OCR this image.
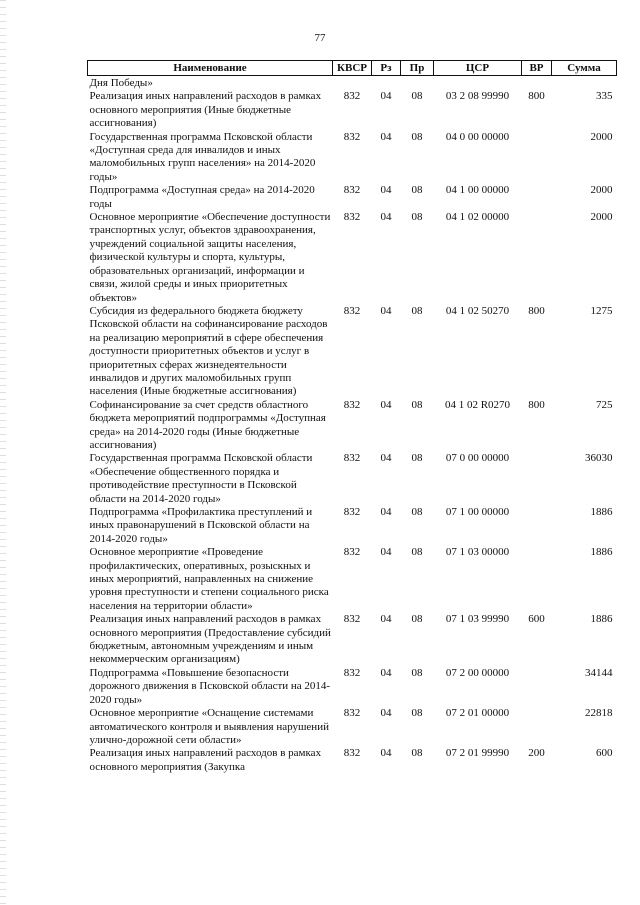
77
Наименование	КВСР	Рз	Пр	ЦСР	ВР	Сумма
Дня Победы»						
Реализация иных направлений расходов в рамках основного мероприятия (Иные бюджетные ассигнования)	832	04	08	03 2 08 99990	800	335
Государственная программа Псковской области «Доступная среда для инвалидов и иных маломобильных групп населения» на 2014-2020 годы»	832	04	08	04 0 00 00000		2000
Подпрограмма «Доступная среда» на 2014-2020 годы	832	04	08	04 1 00 00000		2000
Основное мероприятие «Обеспечение доступности транспортных услуг, объектов здравоохранения, учреждений социальной защиты населения, физической культуры и спорта, культуры, образовательных организаций, информации и связи, жилой среды и иных приоритетных объектов»	832	04	08	04 1 02 00000		2000
Субсидия из федерального бюджета бюджету Псковской области на софинансирование расходов на реализацию мероприятий в сфере обеспечения доступности приоритетных объектов и услуг в приоритетных сферах жизнедеятельности инвалидов и других маломобильных групп населения (Иные бюджетные ассигнования)	832	04	08	04 1 02 50270	800	1275
Софинансирование за счет средств областного бюджета мероприятий подпрограммы «Доступная среда» на 2014-2020 годы (Иные бюджетные ассигнования)	832	04	08	04 1 02 R0270	800	725
Государственная программа Псковской области «Обеспечение общественного порядка и противодействие преступности в Псковской области на 2014-2020 годы»	832	04	08	07 0 00 00000		36030
Подпрограмма «Профилактика преступлений и иных правонарушений в Псковской области на 2014-2020 годы»	832	04	08	07 1 00 00000		1886
Основное мероприятие «Проведение профилактических, оперативных, розыскных и иных мероприятий, направленных на снижение уровня преступности и степени социального риска населения на территории области»	832	04	08	07 1 03 00000		1886
Реализация иных направлений расходов в рамках основного мероприятия (Предоставление субсидий бюджетным, автономным учреждениям и иным некоммерческим организациям)	832	04	08	07 1 03 99990	600	1886
Подпрограмма «Повышение безопасности дорожного движения в Псковской области на 2014-2020 годы»	832	04	08	07 2 00 00000		34144
Основное мероприятие «Оснащение системами автоматического контроля и выявления нарушений улично-дорожной сети области»	832	04	08	07 2 01 00000		22818
Реализация иных направлений расходов в рамках основного мероприятия (Закупка	832	04	08	07 2 01 99990	200	600
